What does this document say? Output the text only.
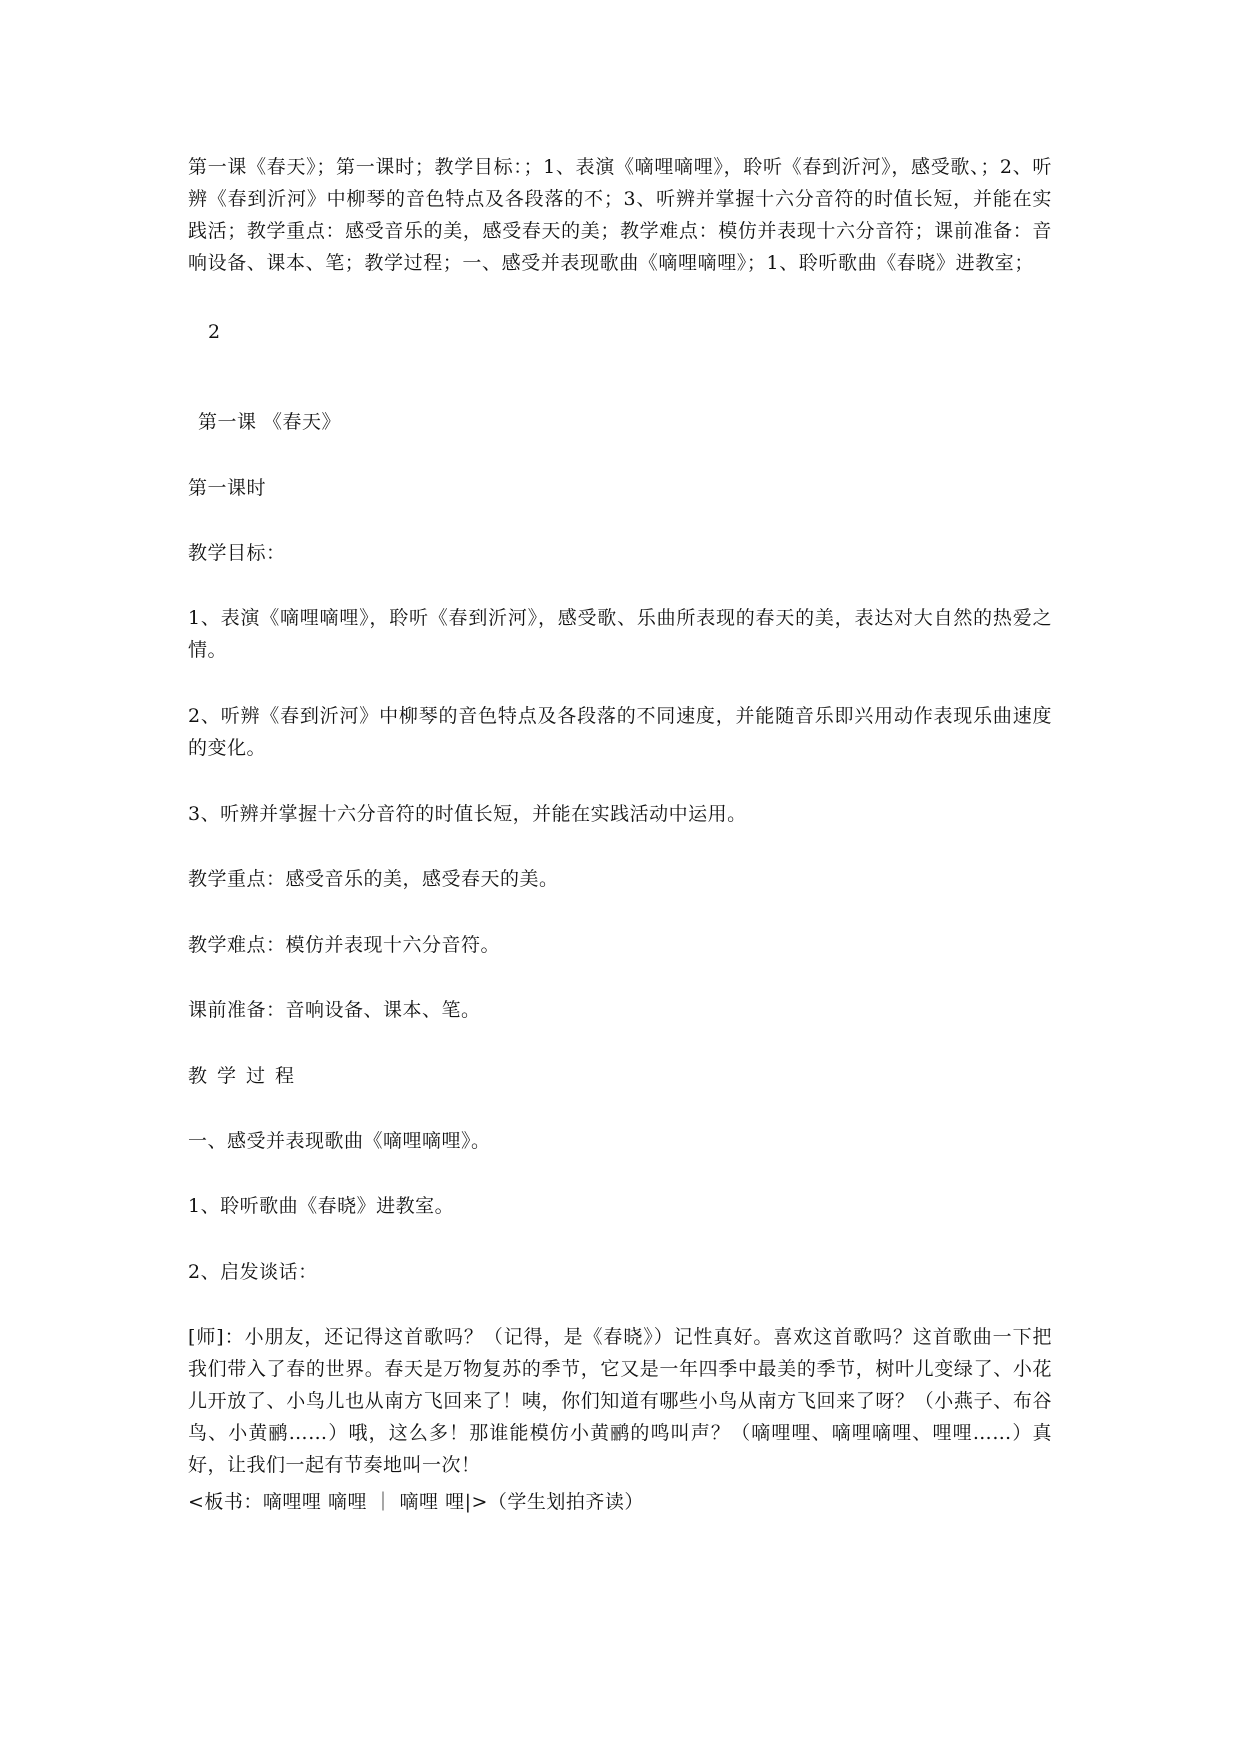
第一课《春天》；第一课时；教学目标：；1、表演《嘀哩嘀哩》，聆听《春到沂河》，感受歌、；2、听辨《春到沂河》中柳琴的音色特点及各段落的不；3、听辨并掌握十六分音符的时值长短，并能在实践活；教学重点：感受音乐的美，感受春天的美；教学难点：模仿并表现十六分音符；课前准备：音响设备、课本、笔；教学过程；一、感受并表现歌曲《嘀哩嘀哩》；1、聆听歌曲《春晓》进教室；
2
第一课 《春天》
第一课时
教学目标：
1、表演《嘀哩嘀哩》，聆听《春到沂河》，感受歌、乐曲所表现的春天的美，表达对大自然的热爱之情。
2、听辨《春到沂河》中柳琴的音色特点及各段落的不同速度，并能随音乐即兴用动作表现乐曲速度的变化。
3、听辨并掌握十六分音符的时值长短，并能在实践活动中运用。
教学重点：感受音乐的美，感受春天的美。
教学难点：模仿并表现十六分音符。
课前准备：音响设备、课本、笔。
教学过程
一、感受并表现歌曲《嘀哩嘀哩》。
1、聆听歌曲《春晓》进教室。
2、启发谈话：
[师]：小朋友，还记得这首歌吗？（记得，是《春晓》）记性真好。喜欢这首歌吗？这首歌曲一下把我们带入了春的世界。春天是万物复苏的季节，它又是一年四季中最美的季节，树叶儿变绿了、小花儿开放了、小鸟儿也从南方飞回来了！咦，你们知道有哪些小鸟从南方飞回来了呀？（小燕子、布谷鸟、小黄鹂……）哦，这么多！那谁能模仿小黄鹂的鸣叫声？（嘀哩哩、嘀哩嘀哩、哩哩……）真好，让我们一起有节奏地叫一次！
<板书：嘀哩哩 嘀哩 ｜ 嘀哩 哩|>（学生划拍齐读）
